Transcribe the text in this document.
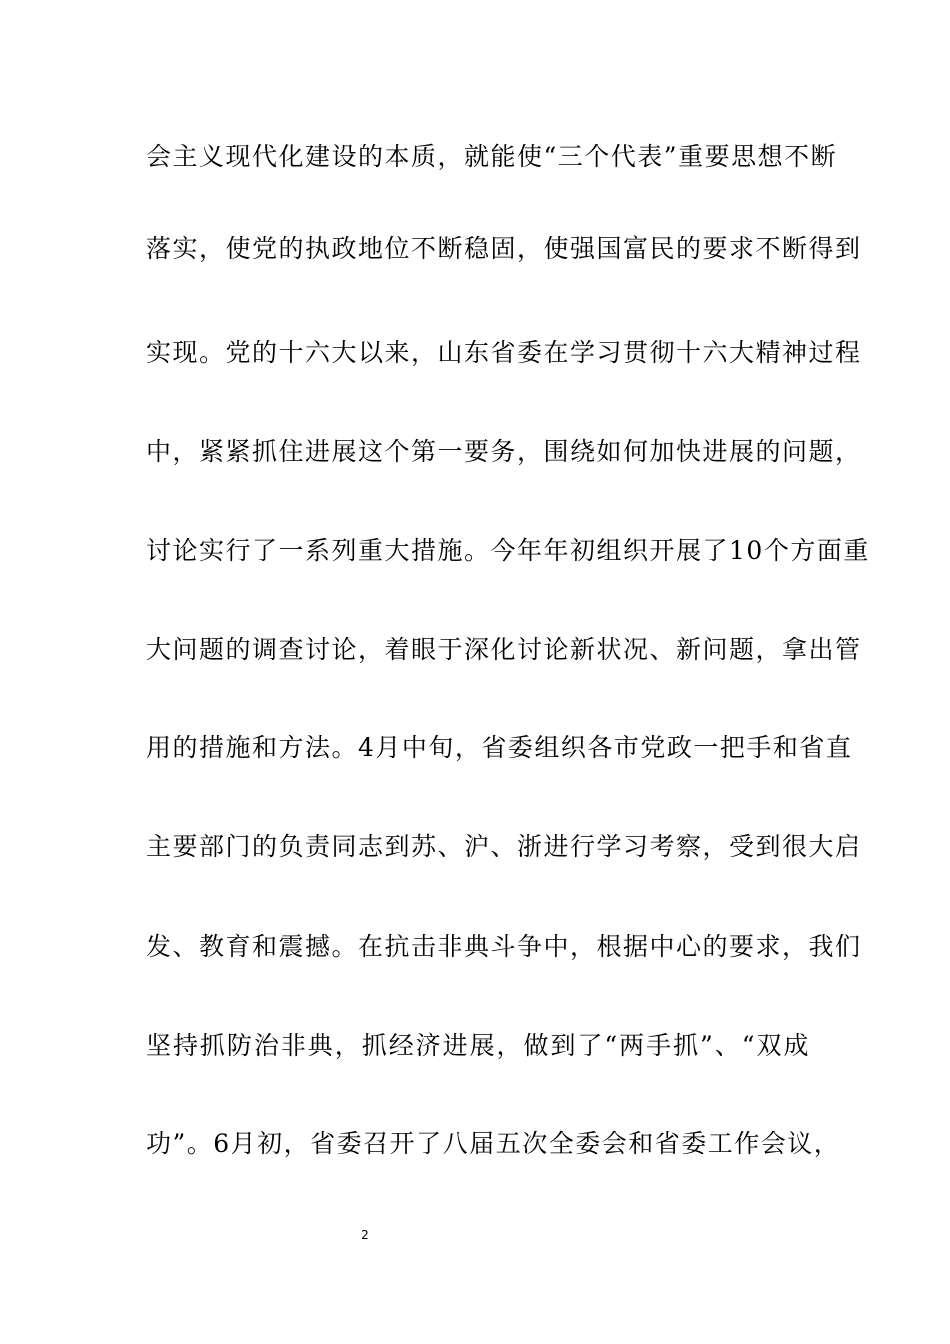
会主义现代化建设的本质，就能使“三个代表”重要思想不断
落实，使党的执政地位不断稳固，使强国富民的要求不断得到
实现。党的十六大以来，山东省委在学习贯彻十六大精神过程
中，紧紧抓住进展这个第一要务，围绕如何加快进展的问题，
讨论实行了一系列重大措施。今年年初组织开展了10个方面重
大问题的调查讨论，着眼于深化讨论新状况、新问题，拿出管
用的措施和方法。4月中旬，省委组织各市党政一把手和省直
主要部门的负责同志到苏、沪、浙进行学习考察，受到很大启
发、教育和震撼。在抗击非典斗争中，根据中心的要求，我们
坚持抓防治非典，抓经济进展，做到了“两手抓”、“双成
功”。6月初，省委召开了八届五次全委会和省委工作会议，
2
